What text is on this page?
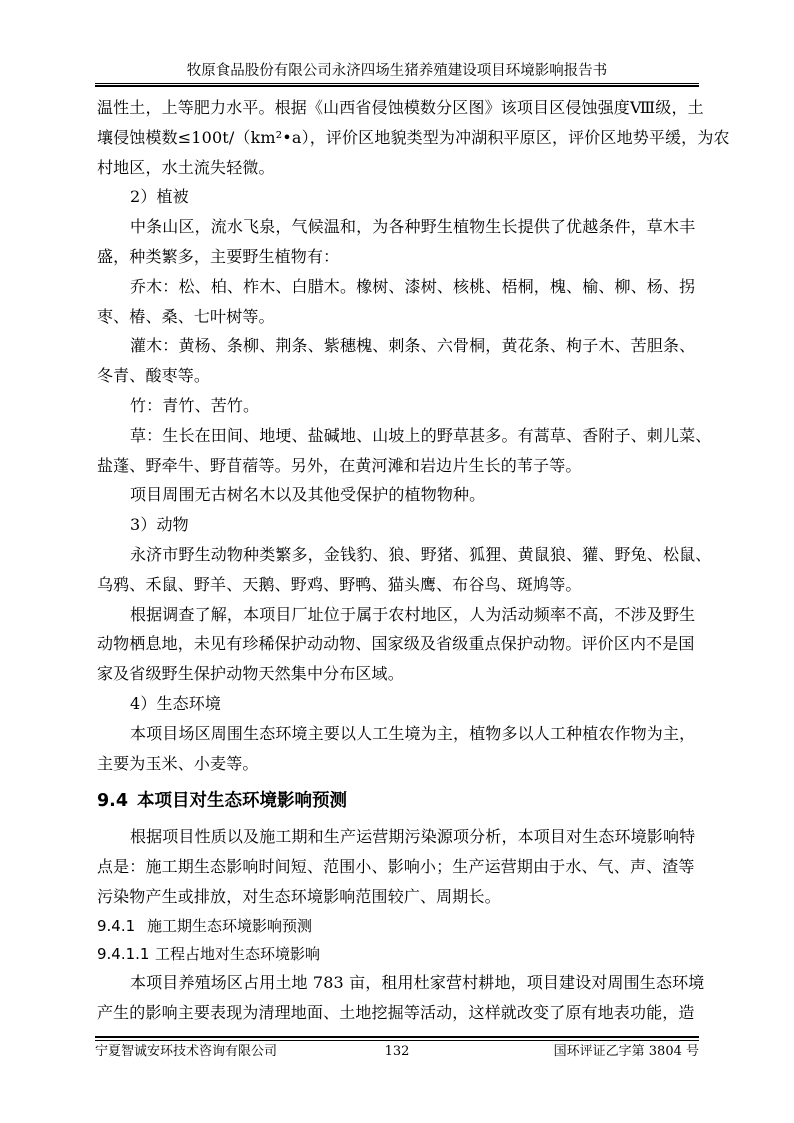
牧原食品股份有限公司永济四场生猪养殖建设项目环境影响报告书
温性土，上等肥力水平。根据《山西省侵蚀模数分区图》该项目区侵蚀强度Ⅷ级，土
壤侵蚀模数≤100t/（km²•a），评价区地貌类型为冲湖积平原区，评价区地势平缓，为农
村地区，水土流失轻微。
2）植被
中条山区，流水飞泉，气候温和，为各种野生植物生长提供了优越条件，草木丰
盛，种类繁多，主要野生植物有：
乔木：松、柏、柞木、白腊木。橡树、漆树、核桃、梧桐，槐、榆、柳、杨、拐
枣、椿、桑、七叶树等。
灌木：黄杨、条柳、荆条、紫穗槐、刺条、六骨桐，黄花条、枸子木、苦胆条、
冬青、酸枣等。
竹：青竹、苦竹。
草：生长在田间、地埂、盐碱地、山坡上的野草甚多。有蒿草、香附子、刺儿菜、
盐蓬、野牵牛、野苜蓿等。另外，在黄河滩和岩边片生长的苇子等。
项目周围无古树名木以及其他受保护的植物物种。
3）动物
永济市野生动物种类繁多，金钱豹、狼、野猪、狐狸、黄鼠狼、獾、野兔、松鼠、
乌鸦、禾鼠、野羊、天鹅、野鸡、野鸭、猫头鹰、布谷鸟、斑鸠等。
根据调查了解，本项目厂址位于属于农村地区，人为活动频率不高，不涉及野生
动物栖息地，未见有珍稀保护动动物、国家级及省级重点保护动物。评价区内不是国
家及省级野生保护动物天然集中分布区域。
4）生态环境
本项目场区周围生态环境主要以人工生境为主，植物多以人工种植农作物为主，
主要为玉米、小麦等。
9.4 本项目对生态环境影响预测
根据项目性质以及施工期和生产运营期污染源项分析，本项目对生态环境影响特
点是：施工期生态影响时间短、范围小、影响小；生产运营期由于水、气、声、渣等
污染物产生或排放，对生态环境影响范围较广、周期长。
9.4.1 施工期生态环境影响预测
9.4.1.1 工程占地对生态环境影响
本项目养殖场区占用土地 783 亩，租用杜家营村耕地，项目建设对周围生态环境
产生的影响主要表现为清理地面、土地挖掘等活动，这样就改变了原有地表功能，造
宁夏智诚安环技术咨询有限公司	132	国环评证乙字第 3804 号
